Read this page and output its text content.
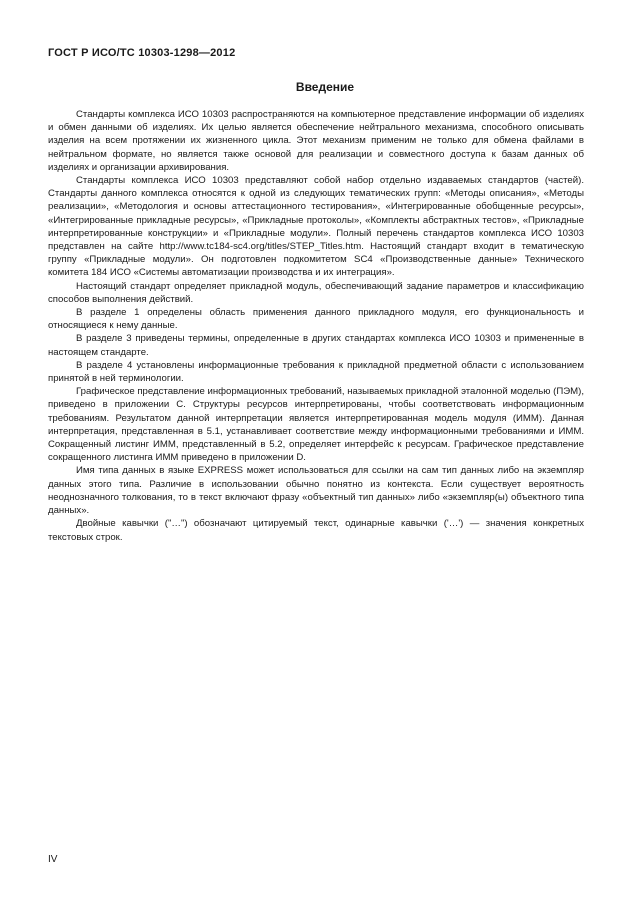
ГОСТ Р ИСО/ТС 10303-1298—2012
Введение

Стандарты комплекса ИСО 10303 распространяются на компьютерное представление информации об изделиях и обмен данными об изделиях. Их целью является обеспечение нейтрального механизма, способного описывать изделия на всем протяжении их жизненного цикла. Этот механизм применим не только для обмена файлами в нейтральном формате, но является также основой для реализации и совместного доступа к базам данных об изделиях и организации архивирования.

Стандарты комплекса ИСО 10303 представляют собой набор отдельно издаваемых стандартов (частей). Стандарты данного комплекса относятся к одной из следующих тематических групп: «Методы описания», «Методы реализации», «Методология и основы аттестационного тестирования», «Интегрированные обобщенные ресурсы», «Интегрированные прикладные ресурсы», «Прикладные протоколы», «Комплекты абстрактных тестов», «Прикладные интерпретированные конструкции» и «Прикладные модули». Полный перечень стандартов комплекса ИСО 10303 представлен на сайте http://www.tc184-sc4.org/titles/STEP_Titles.htm. Настоящий стандарт входит в тематическую группу «Прикладные модули». Он подготовлен подкомитетом SC4 «Производственные данные» Технического комитета 184 ИСО «Системы автоматизации производства и их интеграция».

Настоящий стандарт определяет прикладной модуль, обеспечивающий задание параметров и классификацию способов выполнения действий.

В разделе 1 определены область применения данного прикладного модуля, его функциональность и относящиеся к нему данные.

В разделе 3 приведены термины, определенные в других стандартах комплекса ИСО 10303 и примененные в настоящем стандарте.

В разделе 4 установлены информационные требования к прикладной предметной области с использованием принятой в ней терминологии.

Графическое представление информационных требований, называемых прикладной эталонной моделью (ПЭМ), приведено в приложении С. Структуры ресурсов интерпретированы, чтобы соответствовать информационным требованиям. Результатом данной интерпретации является интерпретированная модель модуля (ИММ). Данная интерпретация, представленная в 5.1, устанавливает соответствие между информационными требованиями и ИММ. Сокращенный листинг ИММ, представленный в 5.2, определяет интерфейс к ресурсам. Графическое представление сокращенного листинга ИММ приведено в приложении D.

Имя типа данных в языке EXPRESS может использоваться для ссылки на сам тип данных либо на экземпляр данных этого типа. Различие в использовании обычно понятно из контекста. Если существует вероятность неоднозначного толкования, то в текст включают фразу «объектный тип данных» либо «экземпляр(ы) объектного типа данных».

Двойные кавычки ("…") обозначают цитируемый текст, одинарные кавычки ('…') — значения конкретных текстовых строк.

IV
